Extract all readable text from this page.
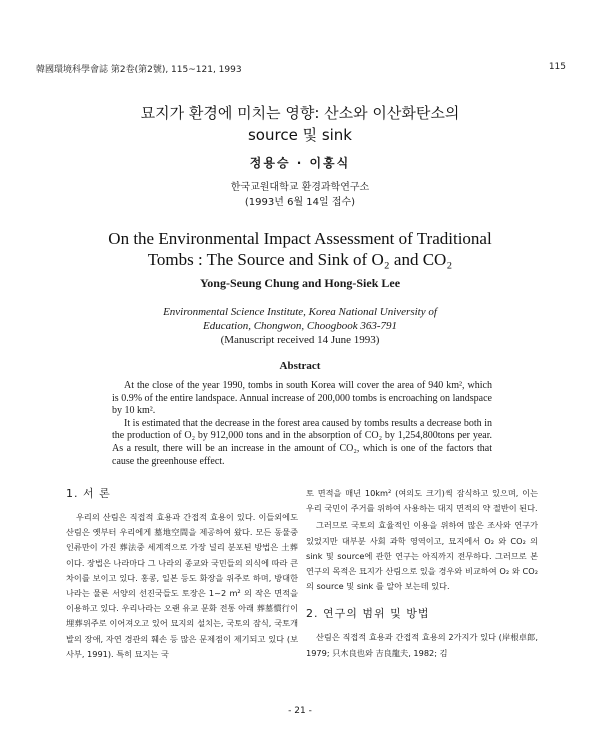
韓國環境科學會誌 第2卷(第2號), 115~121, 1993	115
묘지가 환경에 미치는 영향: 산소와 이산화탄소의
source 및 sink
정용승 · 이홍식
한국교원대학교 환경과학연구소
(1993년 6월 14일 접수)
On the Environmental Impact Assessment of Traditional
Tombs : The Source and Sink of O₂ and CO₂
Yong-Seung Chung and Hong-Siek Lee
Environmental Science Institute, Korea National University of
Education, Chongwon, Choogbook 363-791
(Manuscript received 14 June 1993)
Abstract

At the close of the year 1990, tombs in south Korea will cover the area of 940 km², which is 0.9% of the entire landspace. Annual increase of 200,000 tombs is encroaching on landspace by 10 km².

It is estimated that the decrease in the forest area caused by tombs results a decrease both in the production of O₂ by 912,000 tons and in the absorption of CO₂ by 1,254,800tons per year. As a result, there will be an increase in the amount of CO₂, which is one of the factors that cause the greenhouse effect.

1. 서 론

우리의 산림은 직접적 효용과 간접적 효용이 있다. 이들외에도 산림은 옛부터 우리에게 墓地空間을 제공하여 왔다. 모든 동물중 인류만이 가진 葬法중 세계적으로 가장 널리 분포된 방법은 土葬이다. 장법은 나라마다 그 나라의 종교와 국민들의 의식에 따라 큰 차이를 보이고 있다. 홍콩, 일본 등도 화장을 위주로 하며, 방대한 나라는 물론 서양의 선진국들도 토장은 1~2 m² 의 작은 면적을 이용하고 있다. 우리나라는 오랜 유교 문화 전통 아래 葬墓慣行이 埋葬위주로 이어져오고 있어 묘지의 설치는, 국토의 잠식, 국토개발의 장애, 자연 경관의 훼손 등 많은 문제점이 제기되고 있다 (보사부, 1991). 특히 묘지는 국

토 면적을 매년 10km² (여의도 크기)씩 잠식하고 있으며, 이는 우리 국민이 주거를 위하여 사용하는 대지 면적의 약 절반이 된다.

그러므로 국토의 효율적인 이용을 위하여 많은 조사와 연구가 있었지만 대부분 사회 과학 영역이고, 묘지에서 O₂ 와 CO₂ 의 sink 및 source에 관한 연구는 아직까지 전무하다. 그러므로 본 연구의 목적은 묘지가 산림으로 있을 경우와 비교하여 O₂ 와 CO₂ 의 source 및 sink 를 알아 보는데 있다.

2. 연구의 범위 및 방법

산림은 직접적 효용과 간접적 효용의 2가지가 있다 (岸根卓郎, 1979; 只木良也와 吉良龍夫, 1982; 김

- 21 -
